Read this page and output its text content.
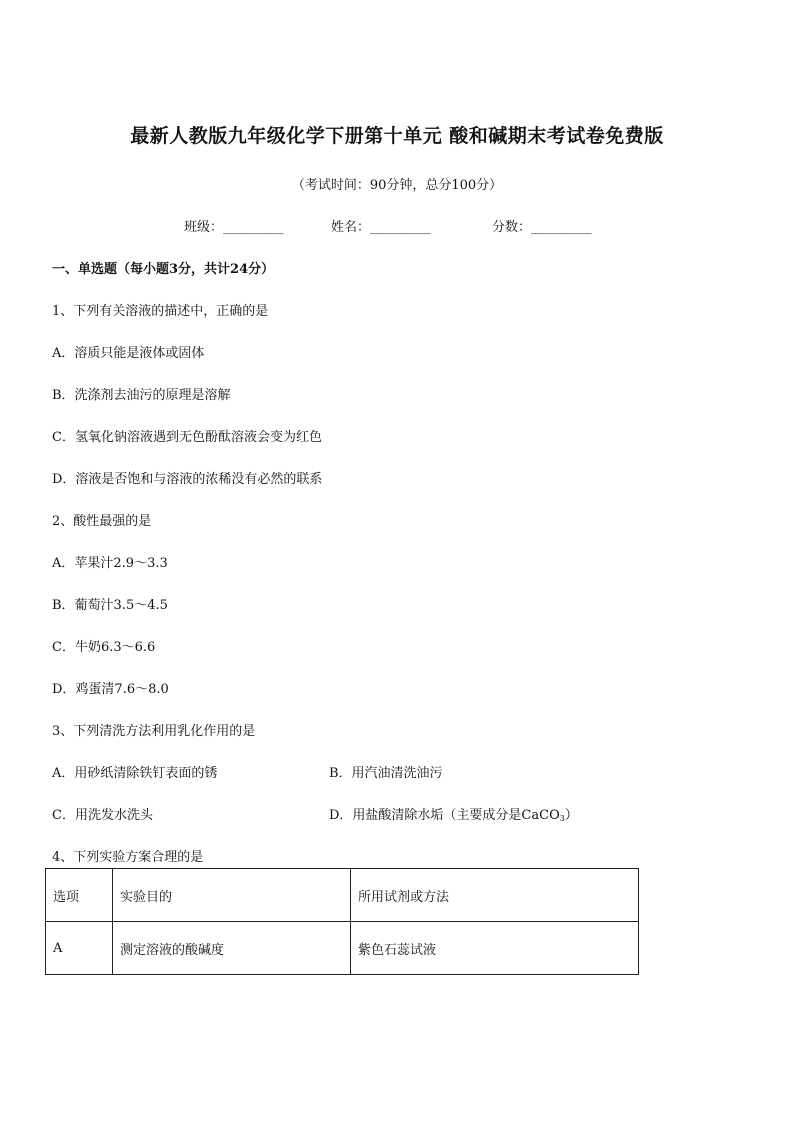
最新人教版九年级化学下册第十单元 酸和碱期末考试卷免费版
（考试时间：90分钟，总分100分）
班级：__________	姓名：__________	分数：__________
一、单选题（每小题3分，共计24分）
1、下列有关溶液的描述中，正确的是
A．溶质只能是液体或固体
B．洗涤剂去油污的原理是溶解
C．氢氧化钠溶液遇到无色酚酞溶液会变为红色
D．溶液是否饱和与溶液的浓稀没有必然的联系
2、酸性最强的是
A．苹果汁2.9～3.3
B．葡萄汁3.5～4.5
C．牛奶6.3～6.6
D．鸡蛋清7.6～8.0
3、下列清洗方法利用乳化作用的是
A．用砂纸清除铁钉表面的锈	B．用汽油清洗油污
C．用洗发水洗头	D．用盐酸清除水垢（主要成分是CaCO$_3$）
4、下列实验方案合理的是
选项	实验目的	所用试剂或方法
A	测定溶液的酸碱度	紫色石蕊试液
